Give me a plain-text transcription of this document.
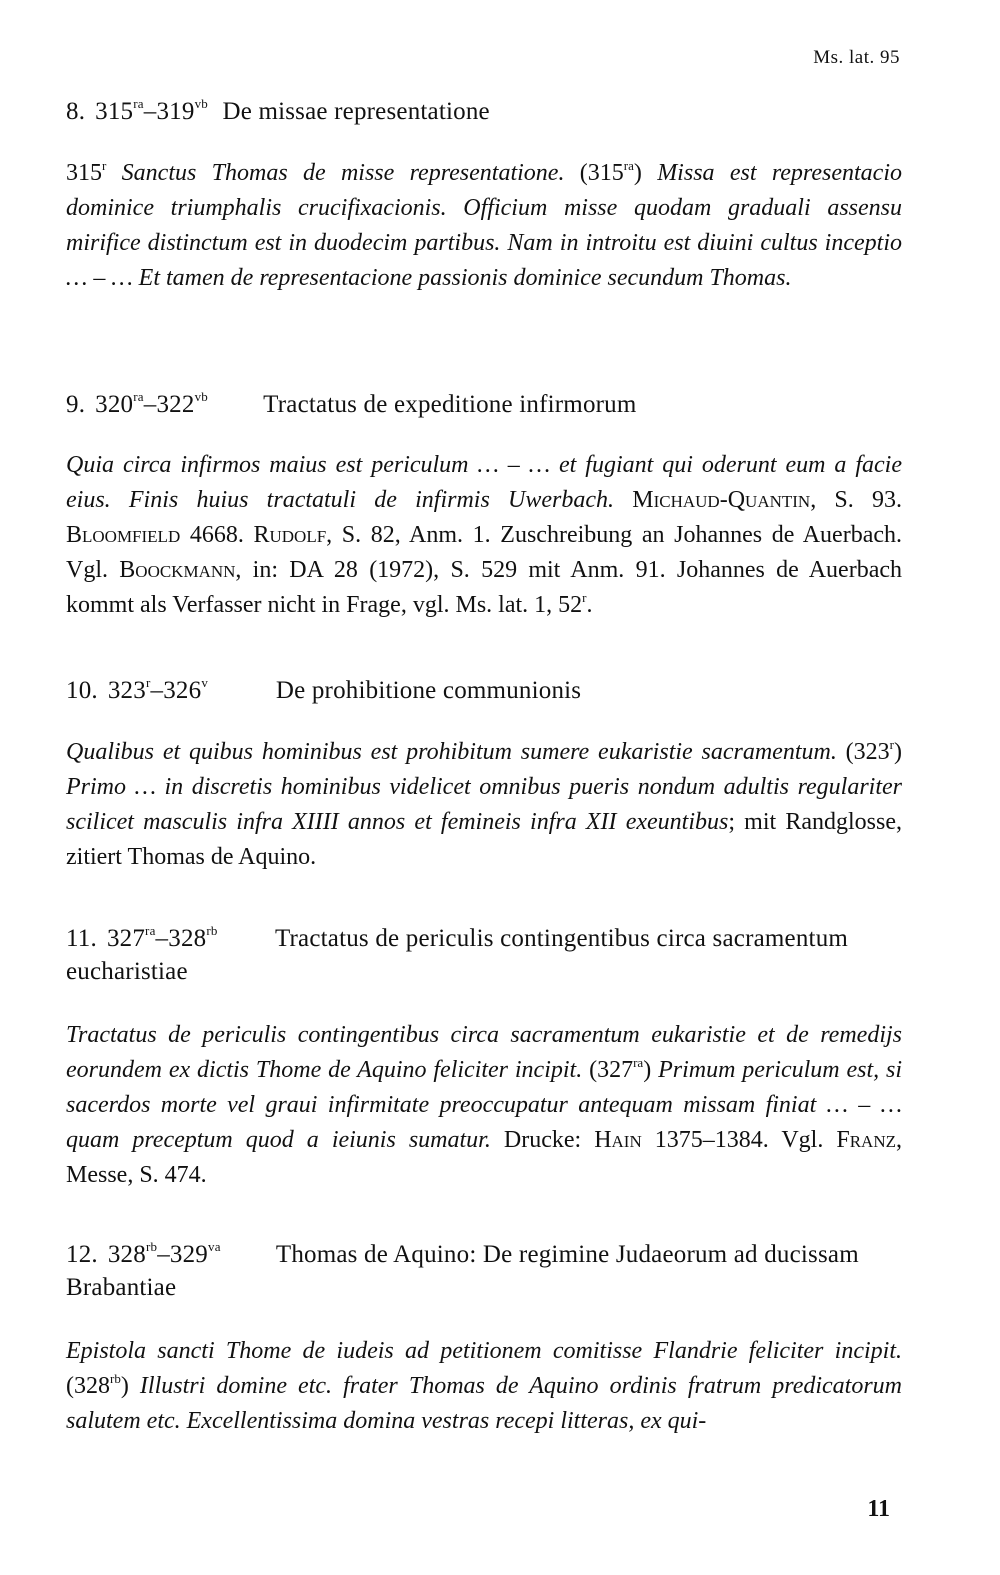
Ms. lat. 95
8. $315^{ra}-319^{vb}$ De missae representatione

315$^r$ Sanctus Thomas de misse representatione. $(315^{ra})$ Missa est representacio dominice triumphalis crucifixacionis. Officium misse quodam graduali assensu mirifice distinctum est in duodecim partibus. Nam in introitu est diuini cultus inceptio … – … Et tamen de representacione passionis dominice secundum Thomas.

9. $320^{ra}-322^{vb}$ Tractatus de expeditione infirmorum

Quia circa infirmos maius est periculum … – … et fugiant qui oderunt eum a facie eius. Finis huius tractatuli de infirmis Uwerbach. Michaud-Quantin, S. 93. Bloomfield 4668. Rudolf, S. 82, Anm. 1. Zuschreibung an Johannes de Auerbach. Vgl. Boockmann, in: DA 28 (1972), S. 529 mit Anm. 91. Johannes de Auerbach kommt als Verfasser nicht in Frage, vgl. Ms. lat. 1, 52$^r$.

10. 323$^r$–326$^v$	De prohibitione communionis

Qualibus et quibus hominibus est prohibitum sumere eukaristie sacramentum. (323$^r$) Primo … in discretis hominibus videlicet omnibus pueris nondum adultis regulariter scilicet masculis infra XIIII annos et femineis infra XII exeuntibus; mit Randglosse, zitiert Thomas de Aquino.

11. $327^{ra}-328^{rb}$ Tractatus de periculis contingentibus circa sacramentum eucharistiae

Tractatus de periculis contingentibus circa sacramentum eukaristie et de remedijs eorundem ex dictis Thome de Aquino feliciter incipit. $(327^{ra})$ Primum periculum est, si sacerdos morte vel graui infirmitate preoccupatur antequam missam finiat … – … quam preceptum quod a ieiunis sumatur. Drucke: Hain 1375–1384. Vgl. Franz, Messe, S. 474.

12. $328^{rb}-329^{va}$ Thomas de Aquino: De regimine Judaeorum ad ducissam Brabantiae

Epistola sancti Thome de iudeis ad petitionem comitisse Flandrie feliciter incipit. $(328^{rb})$ Illustri domine etc. frater Thomas de Aquino ordinis fratrum predicatorum salutem etc. Excellentissima domina vestras recepi litteras, ex qui-

11
